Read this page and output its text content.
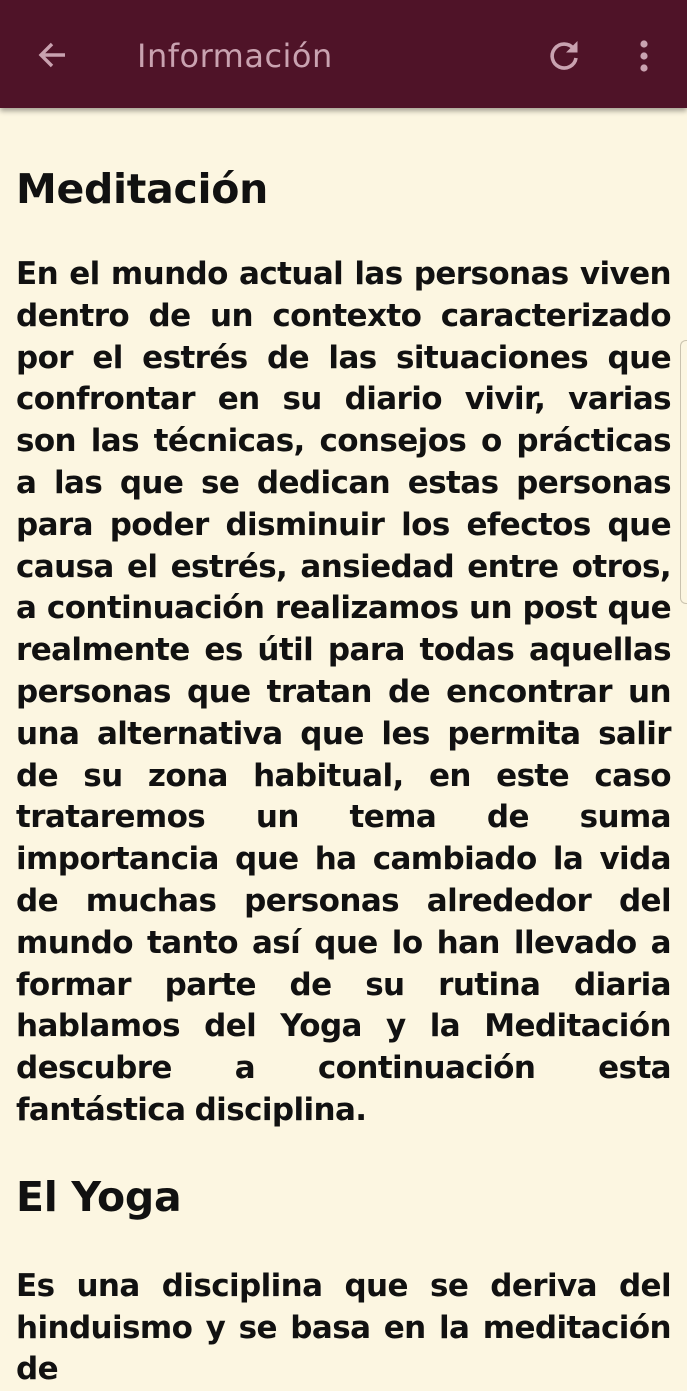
Información
Meditación

En el mundo actual las personas viven dentro de un contexto caracterizado por el estrés de las situaciones que confrontar en su diario vivir, varias son las técnicas, consejos o prácticas a las que se dedican estas personas para poder disminuir los efectos que causa el estrés, ansiedad entre otros, a continuación realizamos un post que realmente es útil para todas aquellas personas que tratan de encontrar un una alternativa que les permita salir de su zona habitual, en este caso trataremos un tema de suma importancia que ha cambiado la vida de muchas personas alrededor del mundo tanto así que lo han llevado a formar parte de su rutina diaria hablamos del Yoga y la Meditación descubre a continuación esta fantástica disciplina.

El Yoga

Es una disciplina que se deriva del hinduismo y se basa en la meditación de
